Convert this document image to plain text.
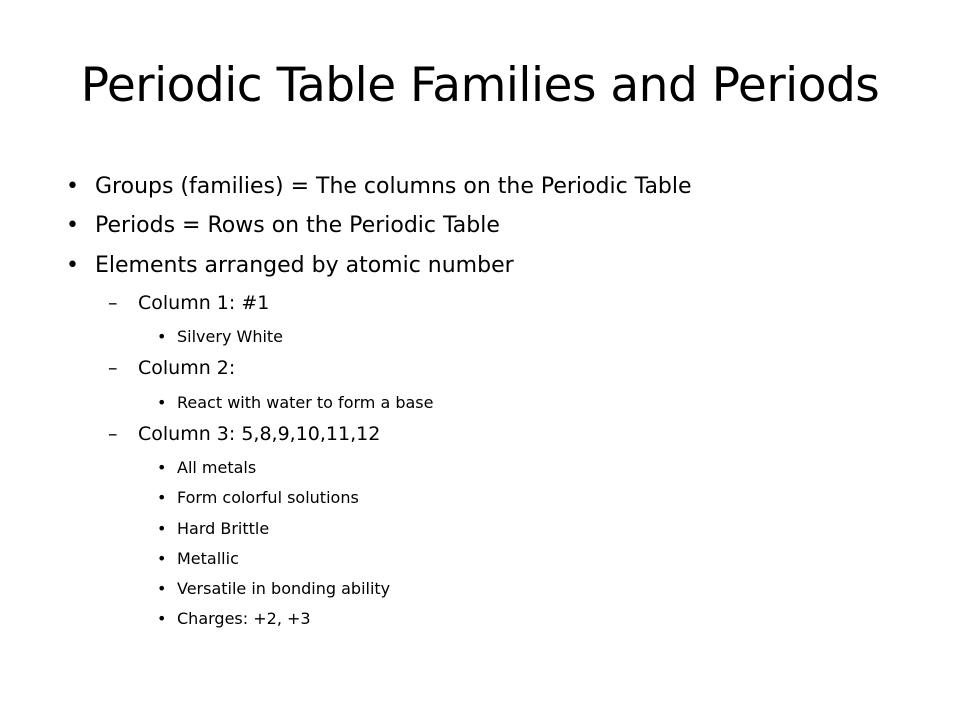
Periodic Table Families and Periods
• Groups (families) = The columns on the Periodic Table
• Periods = Rows on the Periodic Table
• Elements arranged by atomic number
– Column 1: #1
• Silvery White
– Column 2:
• React with water to form a base
– Column 3: 5,8,9,10,11,12
• All metals
• Form colorful solutions
• Hard Brittle
• Metallic
• Versatile in bonding ability
• Charges: +2, +3
